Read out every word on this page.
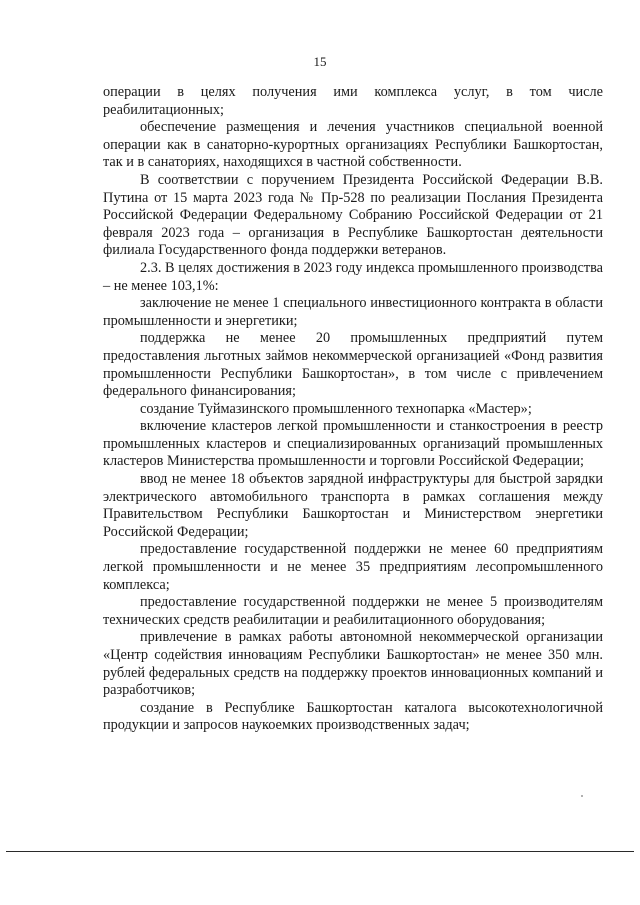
15

операции в целях получения ими комплекса услуг, в том числе реабилитационных;

обеспечение размещения и лечения участников специальной военной операции как в санаторно-курортных организациях Республики Башкортостан, так и в санаториях, находящихся в частной собственности.

В соответствии с поручением Президента Российской Федерации В.В. Путина от 15 марта 2023 года № Пр-528 по реализации Послания Президента Российской Федерации Федеральному Собранию Российской Федерации от 21 февраля 2023 года – организация в Республике Башкортостан деятельности филиала Государственного фонда поддержки ветеранов.

2.3. В целях достижения в 2023 году индекса промышленного производства – не менее 103,1%:

заключение не менее 1 специального инвестиционного контракта в области промышленности и энергетики;

поддержка не менее 20 промышленных предприятий путем предоставления льготных займов некоммерческой организацией «Фонд развития промышленности Республики Башкортостан», в том числе с привлечением федерального финансирования;

создание Туймазинского промышленного технопарка «Мастер»;

включение кластеров легкой промышленности и станкостроения в реестр промышленных кластеров и специализированных организаций промышленных кластеров Министерства промышленности и торговли Российской Федерации;

ввод не менее 18 объектов зарядной инфраструктуры для быстрой зарядки электрического автомобильного транспорта в рамках соглашения между Правительством Республики Башкортостан и Министерством энергетики Российской Федерации;

предоставление государственной поддержки не менее 60 предприятиям легкой промышленности и не менее 35 предприятиям лесопромышленного комплекса;

предоставление государственной поддержки не менее 5 производителям технических средств реабилитации и реабилитационного оборудования;

привлечение в рамках работы автономной некоммерческой организации «Центр содействия инновациям Республики Башкортостан» не менее 350 млн. рублей федеральных средств на поддержку проектов инновационных компаний и разработчиков;

создание в Республике Башкортостан каталога высокотехнологичной продукции и запросов наукоемких производственных задач;
